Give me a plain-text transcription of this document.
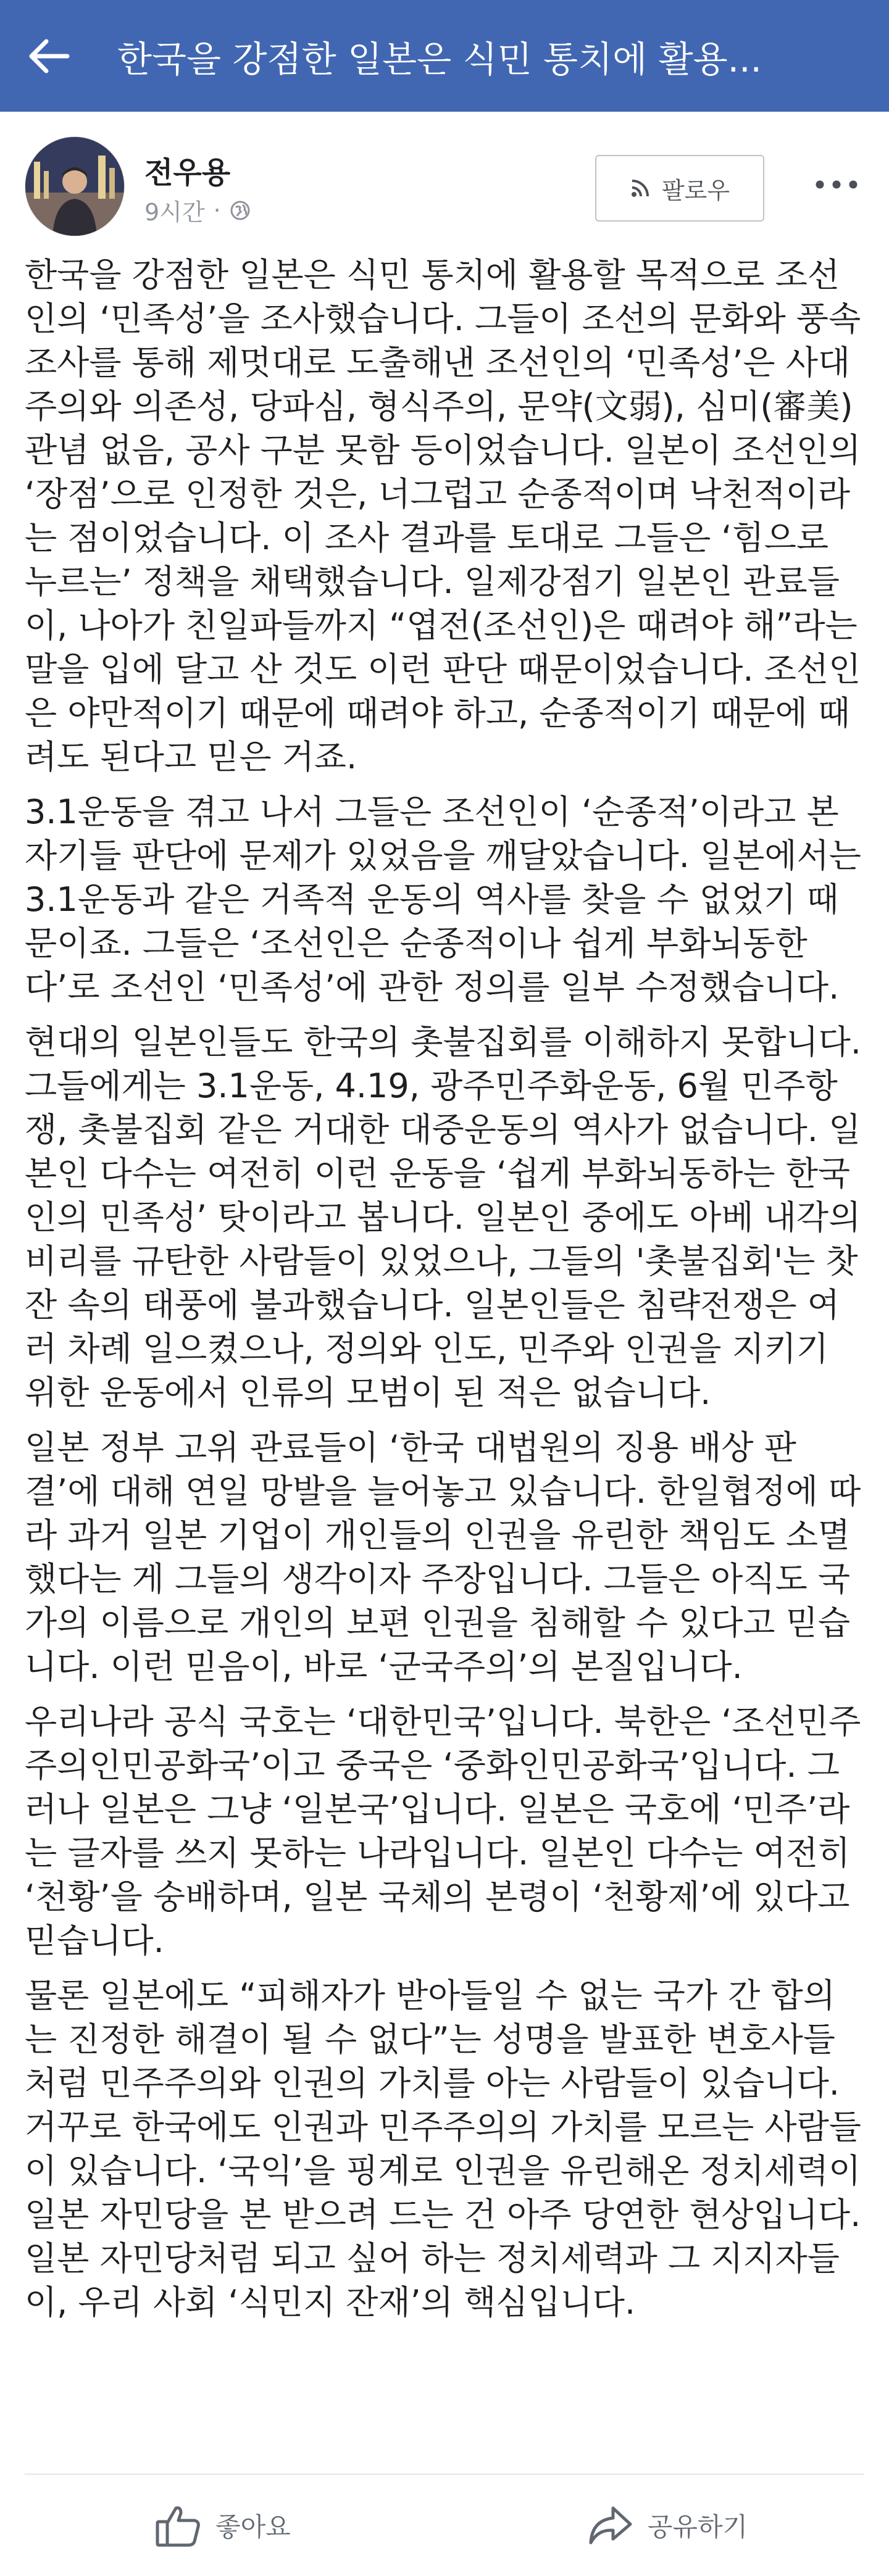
한국을 강점한 일본은 식민 통치에 활용...
전우용
9시간 ·
팔로우

한국을 강점한 일본은 식민 통치에 활용할 목적으로 조선인의 ‘민족성’을 조사했습니다. 그들이 조선의 문화와 풍속 조사를 통해 제멋대로 도출해낸 조선인의 ‘민족성’은 사대주의와 의존성, 당파심, 형식주의, 문약(文弱), 심미(審美) 관념 없음, 공사 구분 못함 등이었습니다. 일본이 조선인의 ‘장점’으로 인정한 것은, 너그럽고 순종적이며 낙천적이라는 점이었습니다. 이 조사 결과를 토대로 그들은 ‘힘으로 누르는’ 정책을 채택했습니다. 일제강점기 일본인 관료들이, 나아가 친일파들까지 “엽전(조선인)은 때려야 해”라는 말을 입에 달고 산 것도 이런 판단 때문이었습니다. 조선인은 야만적이기 때문에 때려야 하고, 순종적이기 때문에 때려도 된다고 믿은 거죠.

3.1운동을 겪고 나서 그들은 조선인이 ‘순종적’이라고 본 자기들 판단에 문제가 있었음을 깨달았습니다. 일본에서는 3.1운동과 같은 거족적 운동의 역사를 찾을 수 없었기 때문이죠. 그들은 ‘조선인은 순종적이나 쉽게 부화뇌동한다’로 조선인 ‘민족성’에 관한 정의를 일부 수정했습니다.

현대의 일본인들도 한국의 촛불집회를 이해하지 못합니다. 그들에게는 3.1운동, 4.19, 광주민주화운동, 6월 민주항쟁, 촛불집회 같은 거대한 대중운동의 역사가 없습니다. 일본인 다수는 여전히 이런 운동을 ‘쉽게 부화뇌동하는 한국인의 민족성’ 탓이라고 봅니다. 일본인 중에도 아베 내각의 비리를 규탄한 사람들이 있었으나, 그들의 '촛불집회'는 찻잔 속의 태풍에 불과했습니다. 일본인들은 침략전쟁은 여러 차례 일으켰으나, 정의와 인도, 민주와 인권을 지키기 위한 운동에서 인류의 모범이 된 적은 없습니다.

일본 정부 고위 관료들이 ‘한국 대법원의 징용 배상 판결’에 대해 연일 망발을 늘어놓고 있습니다. 한일협정에 따라 과거 일본 기업이 개인들의 인권을 유린한 책임도 소멸했다는 게 그들의 생각이자 주장입니다. 그들은 아직도 국가의 이름으로 개인의 보편 인권을 침해할 수 있다고 믿습니다. 이런 믿음이, 바로 ‘군국주의’의 본질입니다.

우리나라 공식 국호는 ‘대한민국’입니다. 북한은 ‘조선민주주의인민공화국’이고 중국은 ‘중화인민공화국’입니다. 그러나 일본은 그냥 ‘일본국’입니다. 일본은 국호에 ‘민주’라는 글자를 쓰지 못하는 나라입니다. 일본인 다수는 여전히 ‘천황’을 숭배하며, 일본 국체의 본령이 ‘천황제’에 있다고 믿습니다.

물론 일본에도 “피해자가 받아들일 수 없는 국가 간 합의는 진정한 해결이 될 수 없다”는 성명을 발표한 변호사들처럼 민주주의와 인권의 가치를 아는 사람들이 있습니다. 거꾸로 한국에도 인권과 민주주의의 가치를 모르는 사람들이 있습니다. ‘국익’을 핑계로 인권을 유린해온 정치세력이 일본 자민당을 본 받으려 드는 건 아주 당연한 현상입니다. 일본 자민당처럼 되고 싶어 하는 정치세력과 그 지지자들이, 우리 사회 ‘식민지 잔재’의 핵심입니다.

좋아요	공유하기
